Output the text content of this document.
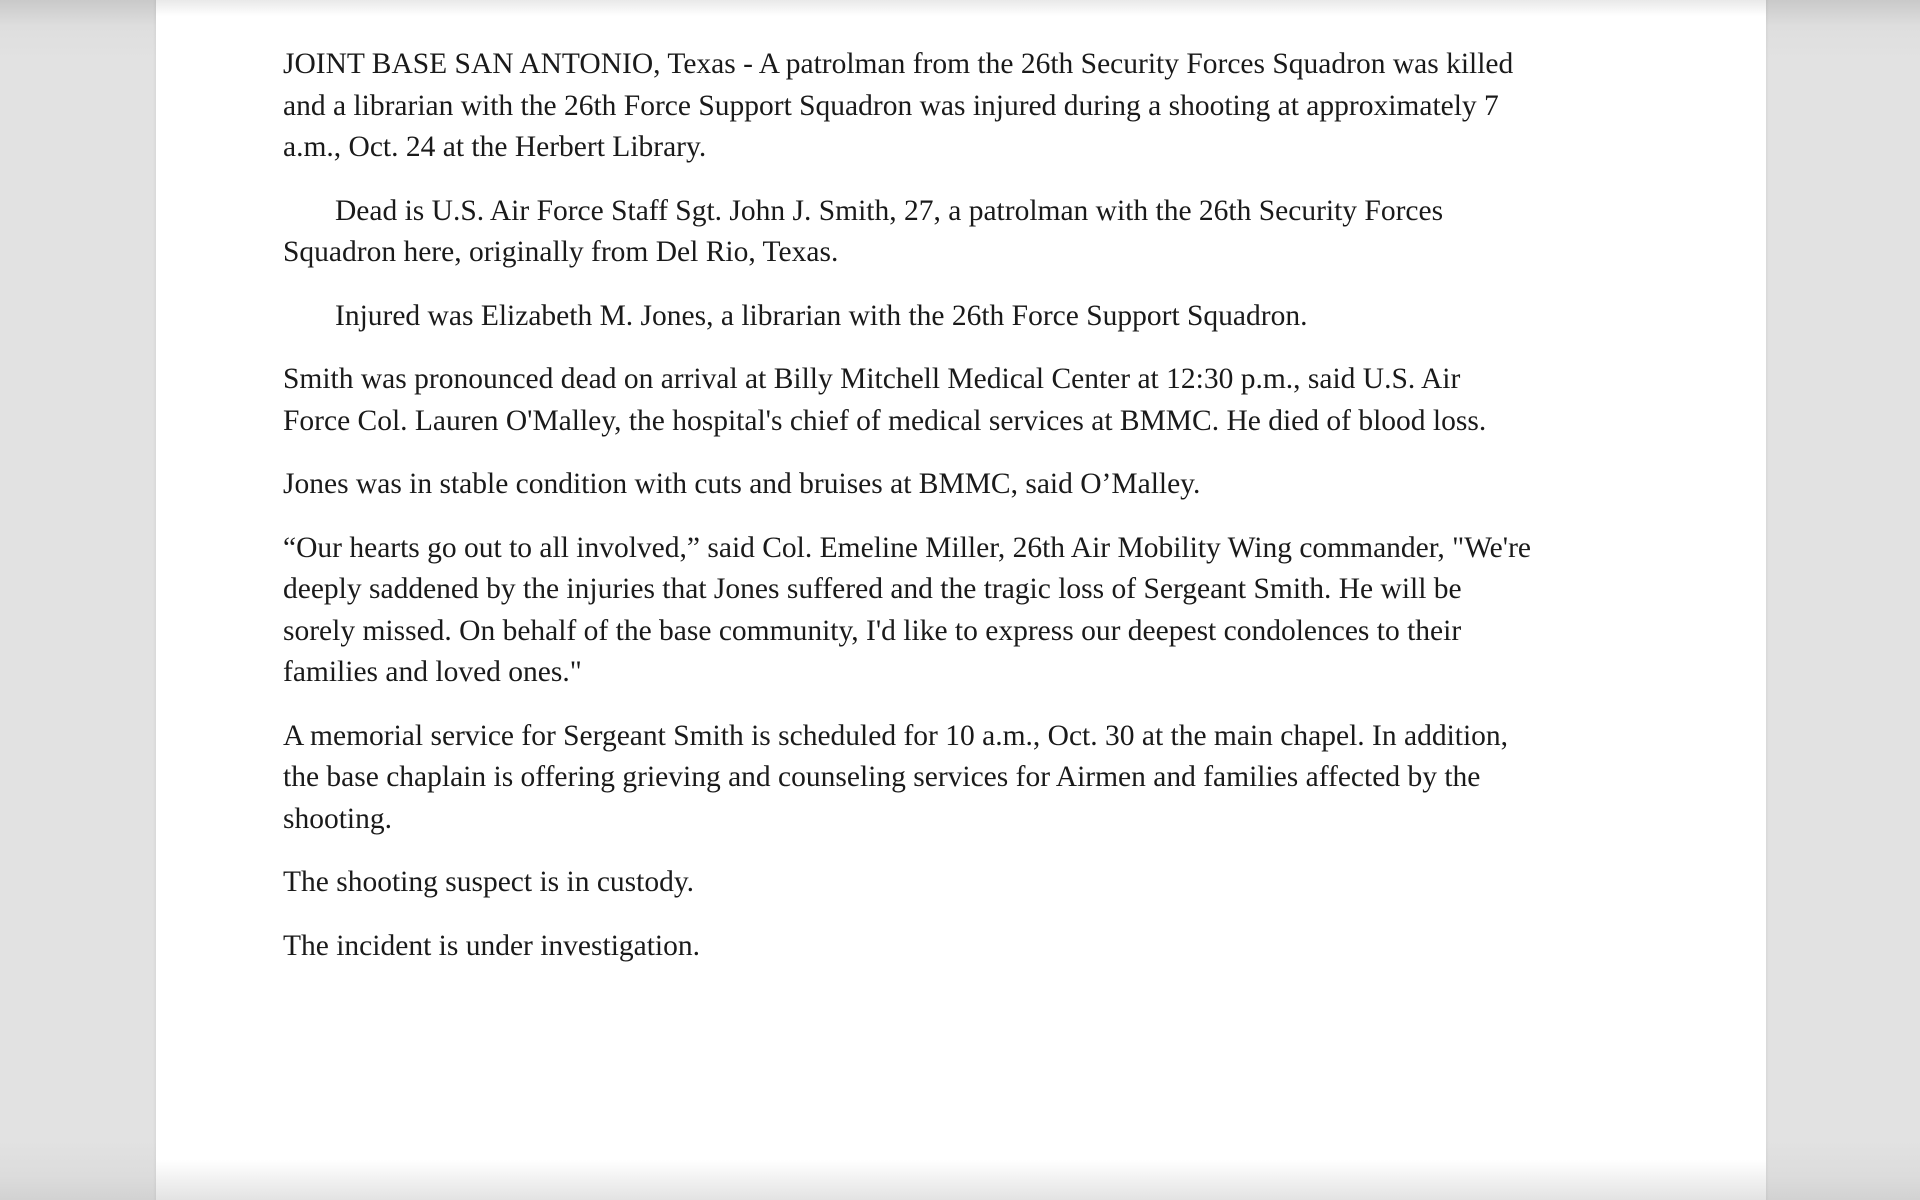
JOINT BASE SAN ANTONIO, Texas - A patrolman from the 26th Security Forces Squadron was killed and a librarian with the 26th Force Support Squadron was injured during a shooting at approximately 7 a.m., Oct. 24 at the Herbert Library.

Dead is U.S. Air Force Staff Sgt. John J. Smith, 27, a patrolman with the 26th Security Forces Squadron here, originally from Del Rio, Texas.

Injured was Elizabeth M. Jones, a librarian with the 26th Force Support Squadron.

Smith was pronounced dead on arrival at Billy Mitchell Medical Center at 12:30 p.m., said U.S. Air Force Col. Lauren O'Malley, the hospital's chief of medical services at BMMC. He died of blood loss.

Jones was in stable condition with cuts and bruises at BMMC, said O’Malley.

“Our hearts go out to all involved,” said Col. Emeline Miller, 26th Air Mobility Wing commander, "We're deeply saddened by the injuries that Jones suffered and the tragic loss of Sergeant Smith. He will be sorely missed. On behalf of the base community, I'd like to express our deepest condolences to their families and loved ones."

A memorial service for Sergeant Smith is scheduled for 10 a.m., Oct. 30 at the main chapel. In addition, the base chaplain is offering grieving and counseling services for Airmen and families affected by the shooting.

The shooting suspect is in custody.

The incident is under investigation.
